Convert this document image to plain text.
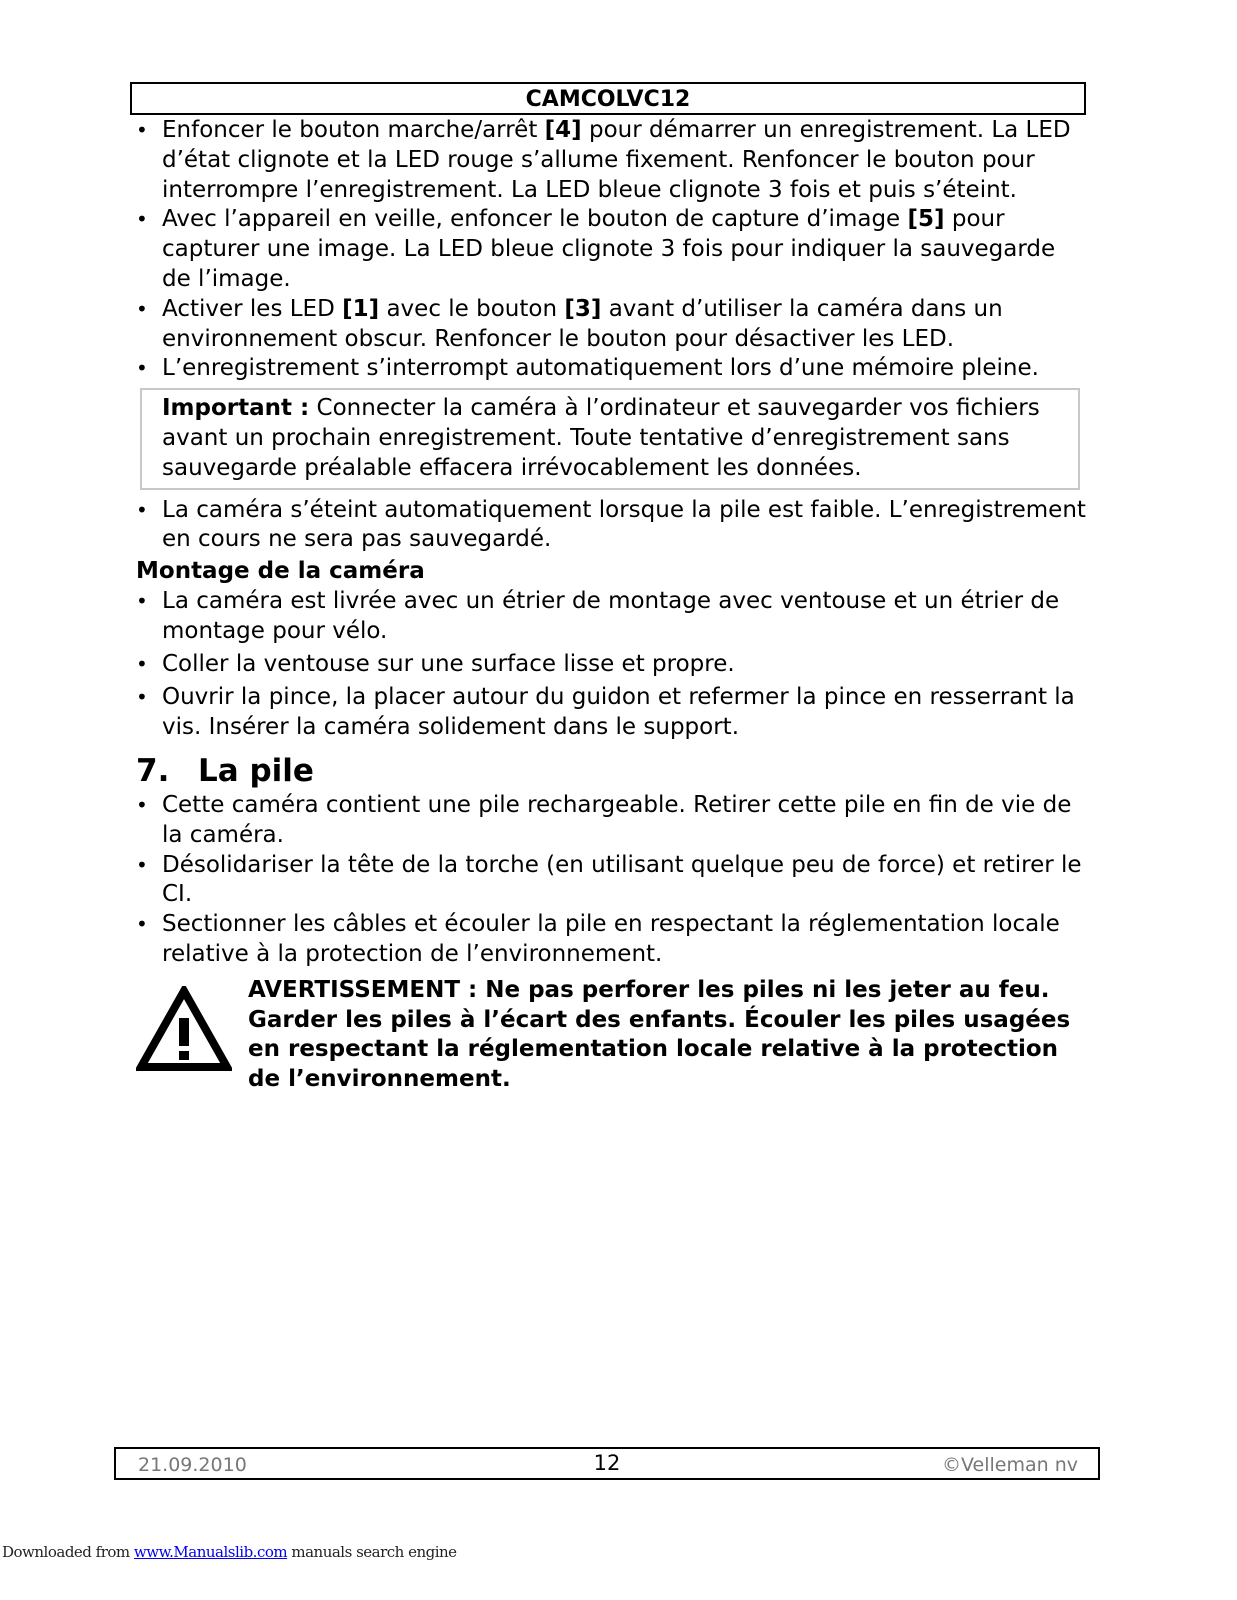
CAMCOLVC12
• Enfoncer le bouton marche/arrêt [4] pour démarrer un enregistrement. La LED d’état clignote et la LED rouge s’allume fixement. Renfoncer le bouton pour interrompre l’enregistrement. La LED bleue clignote 3 fois et puis s’éteint.
• Avec l’appareil en veille, enfoncer le bouton de capture d’image [5] pour capturer une image. La LED bleue clignote 3 fois pour indiquer la sauvegarde de l’image.
• Activer les LED [1] avec le bouton [3] avant d’utiliser la caméra dans un environnement obscur. Renfoncer le bouton pour désactiver les LED.
• L’enregistrement s’interrompt automatiquement lors d’une mémoire pleine.
Important : Connecter la caméra à l’ordinateur et sauvegarder vos fichiers avant un prochain enregistrement. Toute tentative d’enregistrement sans sauvegarde préalable effacera irrévocablement les données.
• La caméra s’éteint automatiquement lorsque la pile est faible. L’enregistrement en cours ne sera pas sauvegardé.
Montage de la caméra
• La caméra est livrée avec un étrier de montage avec ventouse et un étrier de montage pour vélo.
• Coller la ventouse sur une surface lisse et propre.
• Ouvrir la pince, la placer autour du guidon et refermer la pince en resserrant la vis. Insérer la caméra solidement dans le support.
7. La pile
• Cette caméra contient une pile rechargeable. Retirer cette pile en fin de vie de la caméra.
• Désolidariser la tête de la torche (en utilisant quelque peu de force) et retirer le CI.
• Sectionner les câbles et écouler la pile en respectant la réglementation locale relative à la protection de l’environnement.
AVERTISSEMENT : Ne pas perforer les piles ni les jeter au feu. Garder les piles à l’écart des enfants. Écouler les piles usagées en respectant la réglementation locale relative à la protection de l’environnement.
21.09.2010	12	©Velleman nv
Downloaded from www.Manualslib.com manuals search engine
